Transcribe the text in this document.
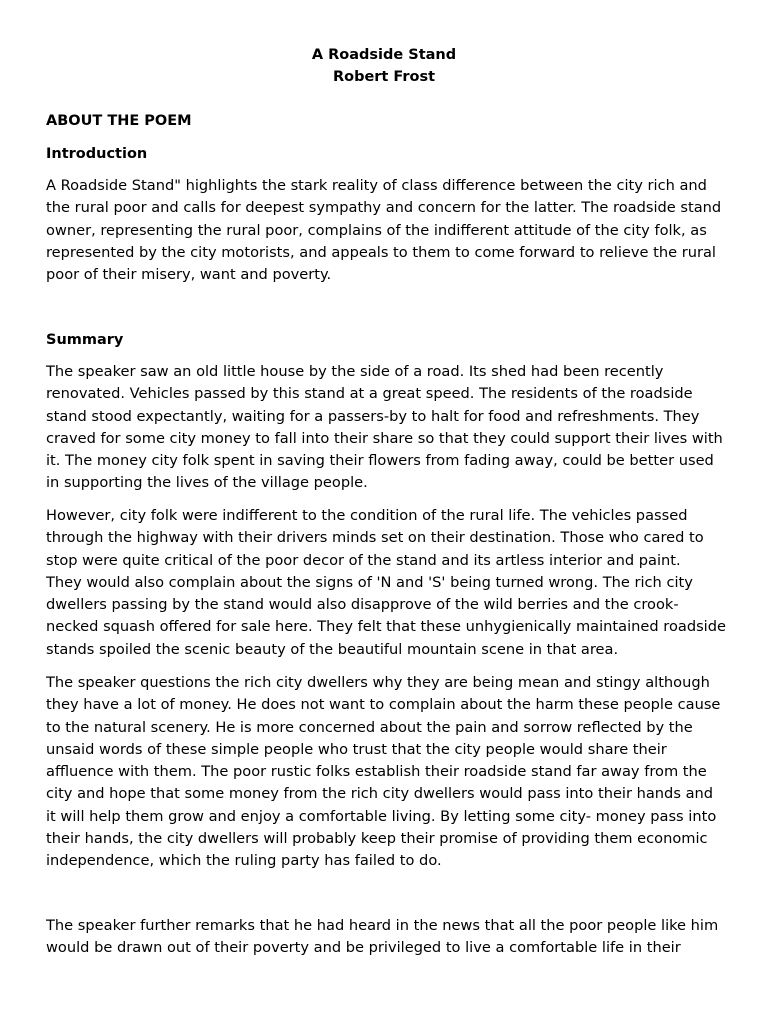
A Roadside Stand
Robert Frost
ABOUT THE POEM
Introduction
A Roadside Stand" highlights the stark reality of class difference between the city rich and
the rural poor and calls for deepest sympathy and concern for the latter. The roadside stand
owner, representing the rural poor, complains of the indifferent attitude of the city folk, as
represented by the city motorists, and appeals to them to come forward to relieve the rural
poor of their misery, want and poverty.
Summary
The speaker saw an old little house by the side of a road. Its shed had been recently
renovated. Vehicles passed by this stand at a great speed. The residents of the roadside
stand stood expectantly, waiting for a passers-by to halt for food and refreshments. They
craved for some city money to fall into their share so that they could support their lives with
it. The money city folk spent in saving their flowers from fading away, could be better used
in supporting the lives of the village people.
However, city folk were indifferent to the condition of the rural life. The vehicles passed
through the highway with their drivers minds set on their destination. Those who cared to
stop were quite critical of the poor decor of the stand and its artless interior and paint.
They would also complain about the signs of 'N and 'S' being turned wrong. The rich city
dwellers passing by the stand would also disapprove of the wild berries and the crook-
necked squash offered for sale here. They felt that these unhygienically maintained roadside
stands spoiled the scenic beauty of the beautiful mountain scene in that area.
The speaker questions the rich city dwellers why they are being mean and stingy although
they have a lot of money. He does not want to complain about the harm these people cause
to the natural scenery. He is more concerned about the pain and sorrow reflected by the
unsaid words of these simple people who trust that the city people would share their
affluence with them. The poor rustic folks establish their roadside stand far away from the
city and hope that some money from the rich city dwellers would pass into their hands and
it will help them grow and enjoy a comfortable living. By letting some city- money pass into
their hands, the city dwellers will probably keep their promise of providing them economic
independence, which the ruling party has failed to do.
The speaker further remarks that he had heard in the news that all the poor people like him
would be drawn out of their poverty and be privileged to live a comfortable life in their
